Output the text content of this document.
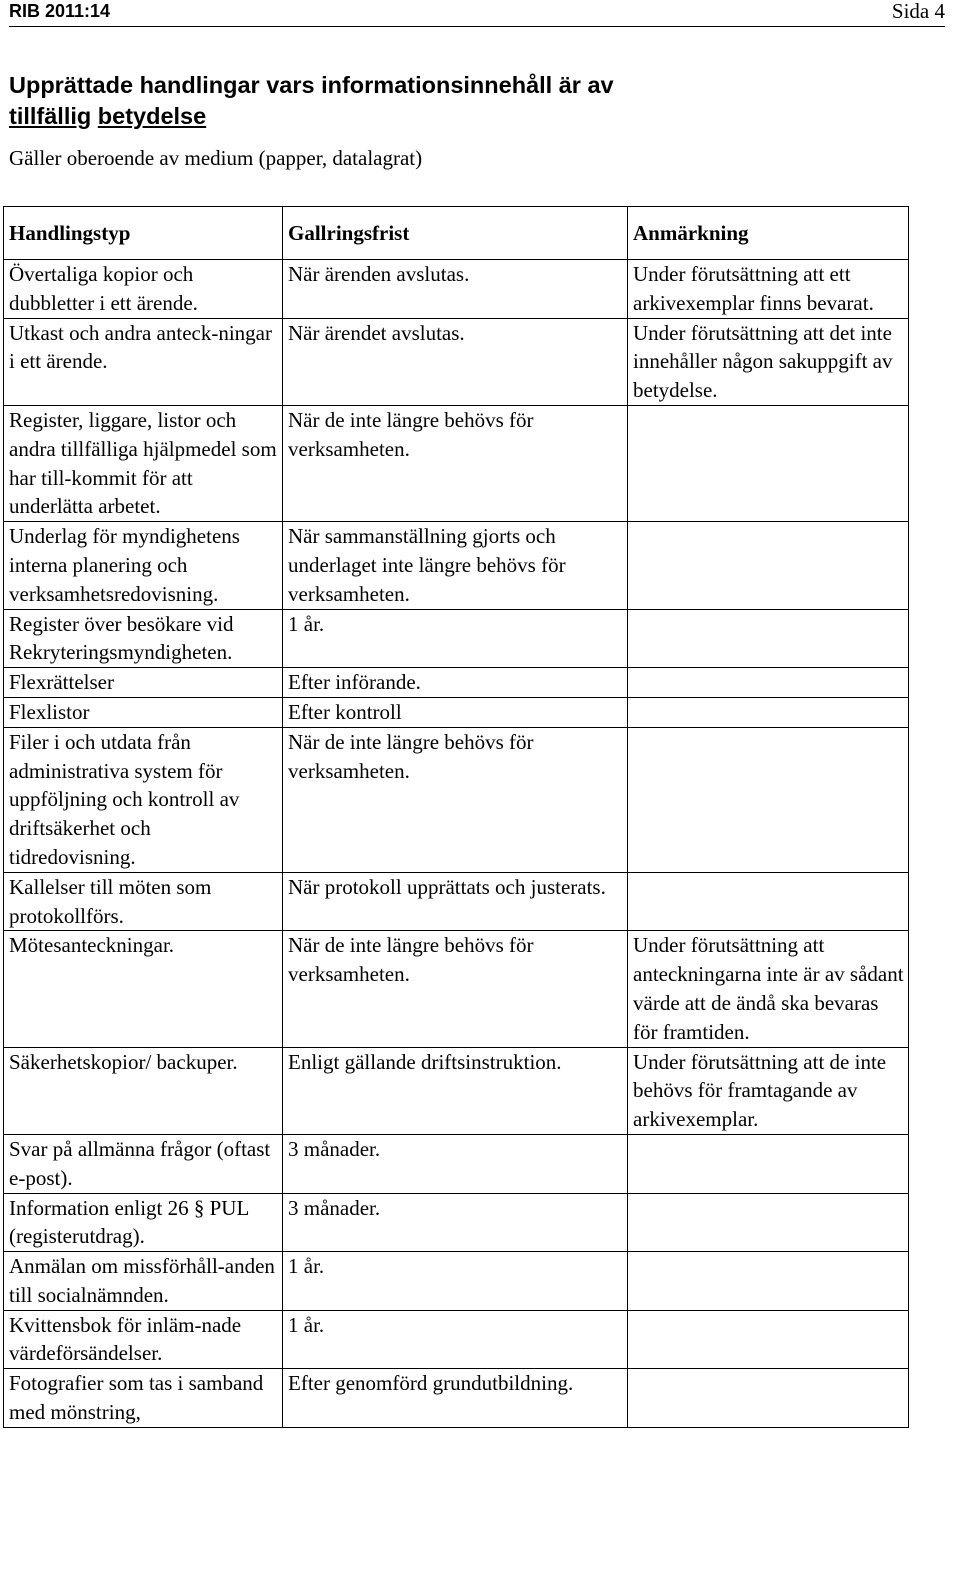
RIB 2011:14	Sida 4
Upprättade handlingar vars informationsinnehåll är av
tillfällig betydelse
Gäller oberoende av medium (papper, datalagrat)
Handlingstyp	Gallringsfrist	Anmärkning
Övertaliga kopior och dubbletter i ett ärende.	När ärenden avslutas.	Under förutsättning att ett arkivexemplar finns bevarat.
Utkast och andra anteck-ningar i ett ärende.	När ärendet avslutas.	Under förutsättning att det inte innehåller någon sakuppgift av betydelse.
Register, liggare, listor och andra tillfälliga hjälpmedel som har till-kommit för att underlätta arbetet.	När de inte längre behövs för verksamheten.	
Underlag för myndighetens interna planering och verksamhetsredovisning.	När sammanställning gjorts och underlaget inte längre behövs för verksamheten.	
Register över besökare vid Rekryteringsmyndigheten.	1 år.	
Flexrättelser	Efter införande.	
Flexlistor	Efter kontroll	
Filer i och utdata från administrativa system för uppföljning och kontroll av driftsäkerhet och tidredovisning.	När de inte längre behövs för verksamheten.	
Kallelser till möten som protokollförs.	När protokoll upprättats och justerats.	
Mötesanteckningar.	När de inte längre behövs för verksamheten.	Under förutsättning att anteckningarna inte är av sådant värde att de ändå ska bevaras för framtiden.
Säkerhetskopior/ backuper.	Enligt gällande driftsinstruktion.	Under förutsättning att de inte behövs för framtagande av arkivexemplar.
Svar på allmänna frågor (oftast e-post).	3 månader.	
Information enligt 26 § PUL (registerutdrag).	3 månader.	
Anmälan om missförhåll-anden till socialnämnden.	1 år.	
Kvittensbok för inläm-nade värdeförsändelser.	1 år.	
Fotografier som tas i samband med mönstring,	Efter genomförd grundutbildning.	
